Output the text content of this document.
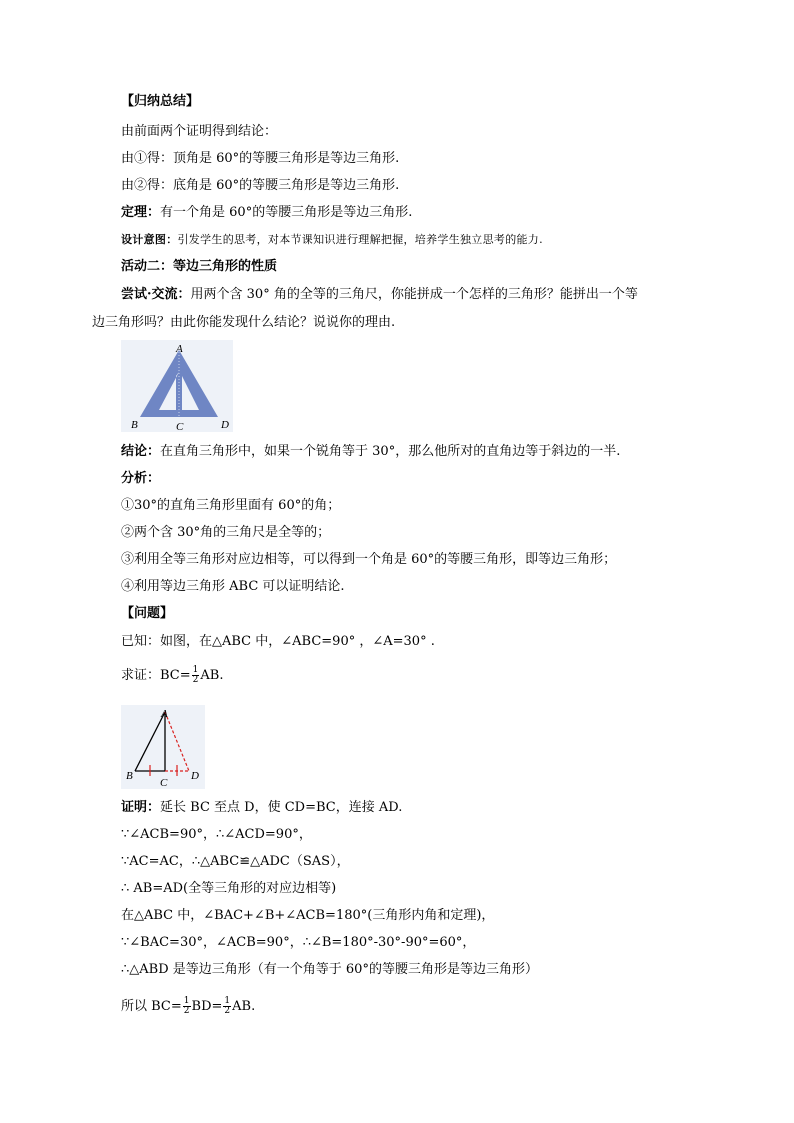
【归纳总结】
由前面两个证明得到结论：
由①得：顶角是 60°的等腰三角形是等边三角形.
由②得：底角是 60°的等腰三角形是等边三角形.
定理：有一个角是 60°的等腰三角形是等边三角形.
设计意图：引发学生的思考，对本节课知识进行理解把握，培养学生独立思考的能力.
活动二：等边三角形的性质
尝试·交流：用两个含 30° 角的全等的三角尺，你能拼成一个怎样的三角形？能拼出一个等
边三角形吗？由此你能发现什么结论？说说你的理由.
A
B	C	D
结论：在直角三角形中，如果一个锐角等于 30°，那么他所对的直角边等于斜边的一半.
分析：
①30°的直角三角形里面有 60°的角；
②两个含 30°角的三角尺是全等的；
③利用全等三角形对应边相等，可以得到一个角是 60°的等腰三角形，即等边三角形；
④利用等边三角形 ABC 可以证明结论.
【问题】
已知：如图，在△ABC 中，∠ABC=90° ，∠A=30° .
求证：$BC= \frac{1}{2}$ AB.
A
B
C
D
证明：延长 BC 至点 D，使 CD=BC，连接 AD.
∵∠ACB=90°，∴∠ACD=90°，
∵AC=AC，∴△ABC≌△ADC（SAS），
∴ AB=AD(全等三角形的对应边相等)
在△ABC 中，∠BAC+∠B+∠ACB=180°(三角形内角和定理)，
∵∠BAC=30°，∠ACB=90°，∴∠B=180°-30°-90°=60°，
∴△ABD 是等边三角形（有一个角等于 60°的等腰三角形是等边三角形）
所以 $BC= \frac{1}{2} BD= \frac{1}{2}$ AB.
